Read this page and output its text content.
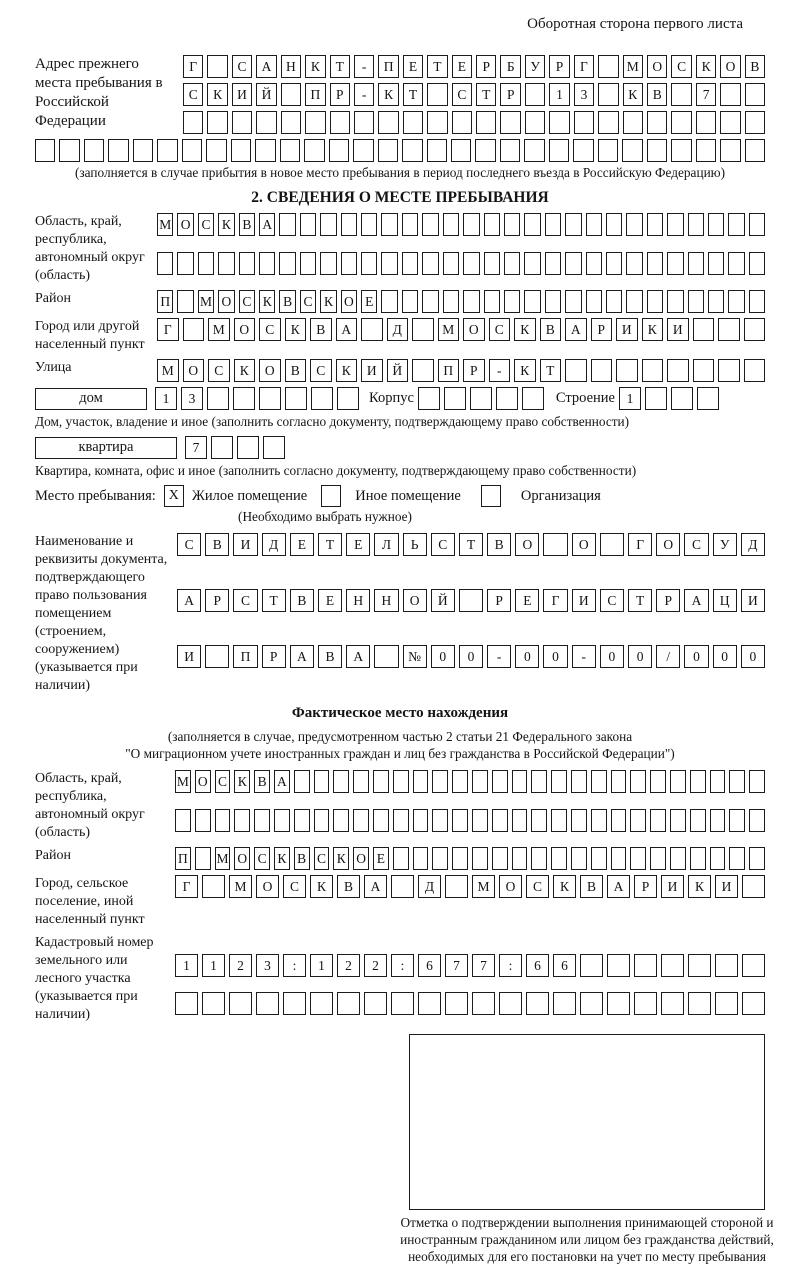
Оборотная сторона первого листа
Адрес прежнего места пребывания в Российской Федерации
Г	С	А	Н	К	Т	-	П	Е	Т	Е	Р	Б	У	Р	Г	М	О	С	К	О	В
С	К	И	Й	П	Р	-	К	Т	С	Т	Р	1	3	К	В	7
(заполняется в случае прибытия в новое место пребывания в период последнего въезда в Российскую Федерацию)
2. СВЕДЕНИЯ О МЕСТЕ ПРЕБЫВАНИЯ
Область, край, республика, автономный округ (область)
М О С К В А
Район	П М О С К В С К О Е
Город или другой населенный пункт
Г	М	О	С	К	В	А	Д	М	О	С	К	В	А	Р	И	К	И
Улица	М	О	С	К	О	В	С	К	И	Й	П	Р	-	К	Т
дом	1	3	Корпус	Строение 1
Дом, участок, владение и иное (заполнить согласно документу, подтверждающему право собственности)
квартира	7
Квартира, комната, офис и иное (заполнить согласно документу, подтверждающему право собственности)
Место пребывания: X Жилое помещение	Иное помещение	Организация
(Необходимо выбрать нужное)
Наименование и реквизиты документа, подтверждающего право пользования помещением (строением, сооружением) (указывается при наличии)
С	В	И	Д	Е	Т	Е	Л	Ь	С	Т	В	О	О	Г	О	С	У	Д
А	Р	С	Т	В	Е	Н	Н	О	Й	Р	Е	Г	И	С	Т	Р	А	Ц	И
И	П	Р	А	В	А	№	0	0	-	0	0	-	0	0	/	0	0	0
Фактическое место нахождения
(заполняется в случае, предусмотренном частью 2 статьи 21 Федерального закона
"О миграционном учете иностранных граждан и лиц без гражданства в Российской Федерации")
Область, край, республика, автономный округ (область)
М О С К В А
Район	П М О С К В С К О Е
Город, сельское поселение, иной населенный пункт
Г	М	О	С	К	В	А	Д	М	О	С	К	В	А	Р	И	К	И
Кадастровый номер земельного или лесного участка (указывается при наличии)
1	1	2	3	:	1	2	2	:	6	7	7	:	6	6
Отметка о подтверждении выполнения принимающей стороной и иностранным гражданином или лицом без гражданства действий, необходимых для его постановки на учет по месту пребывания
